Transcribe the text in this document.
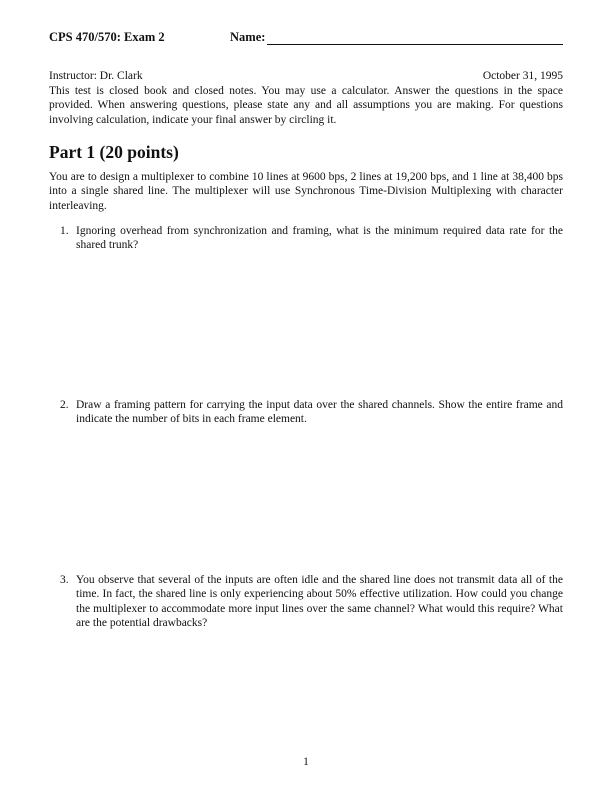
CPS 470/570: Exam 2	Name:
Instructor: Dr. Clark	October 31, 1995
This test is closed book and closed notes. You may use a calculator. Answer the questions in the space provided. When answering questions, please state any and all assumptions you are making. For questions involving calculation, indicate your final answer by circling it.
Part 1 (20 points)
You are to design a multiplexer to combine 10 lines at 9600 bps, 2 lines at 19,200 bps, and 1 line at 38,400 bps into a single shared line. The multiplexer will use Synchronous Time-Division Multiplexing with character interleaving.
1. Ignoring overhead from synchronization and framing, what is the minimum required data rate for the shared trunk?
2. Draw a framing pattern for carrying the input data over the shared channels. Show the entire frame and indicate the number of bits in each frame element.
3. You observe that several of the inputs are often idle and the shared line does not transmit data all of the time. In fact, the shared line is only experiencing about 50% effective utilization. How could you change the multiplexer to accommodate more input lines over the same channel? What would this require? What are the potential drawbacks?
1
